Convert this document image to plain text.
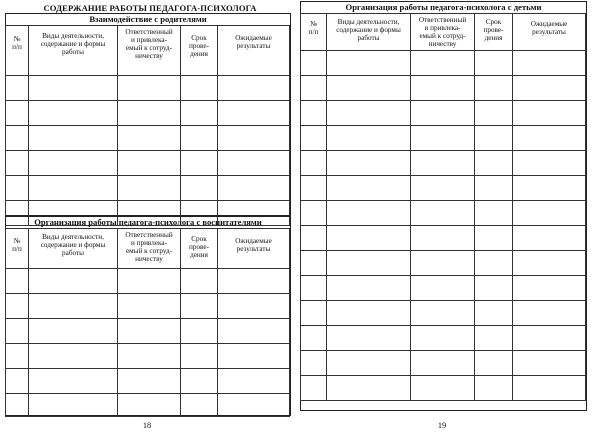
СОДЕРЖАНИЕ РАБОТЫ ПЕДАГОГА-ПСИХОЛОГА
Взаимодействие с родителями
№
п/п	Виды деятельности,
содержание и формы
работы	Ответственный
и привлека-
емый к сотруд-
ничеству	Срок
прове-
дения	Ожидаемые
результаты

Организация работы педагога-психолога с воспитателями
№
п/п	Виды деятельности,
содержание и формы
работы	Ответственный
и привлека-
емый к сотруд-
ничеству	Срок
прове-
дения	Ожидаемые
результаты

18
Организация работы педагога-психолога с детьми
№
п/п	Виды деятельности,
содержание и формы
работы	Ответственный
и привлека-
емый к сотруд-
ничеству	Срок
прове-
дения	Ожидаемые
результаты

19
